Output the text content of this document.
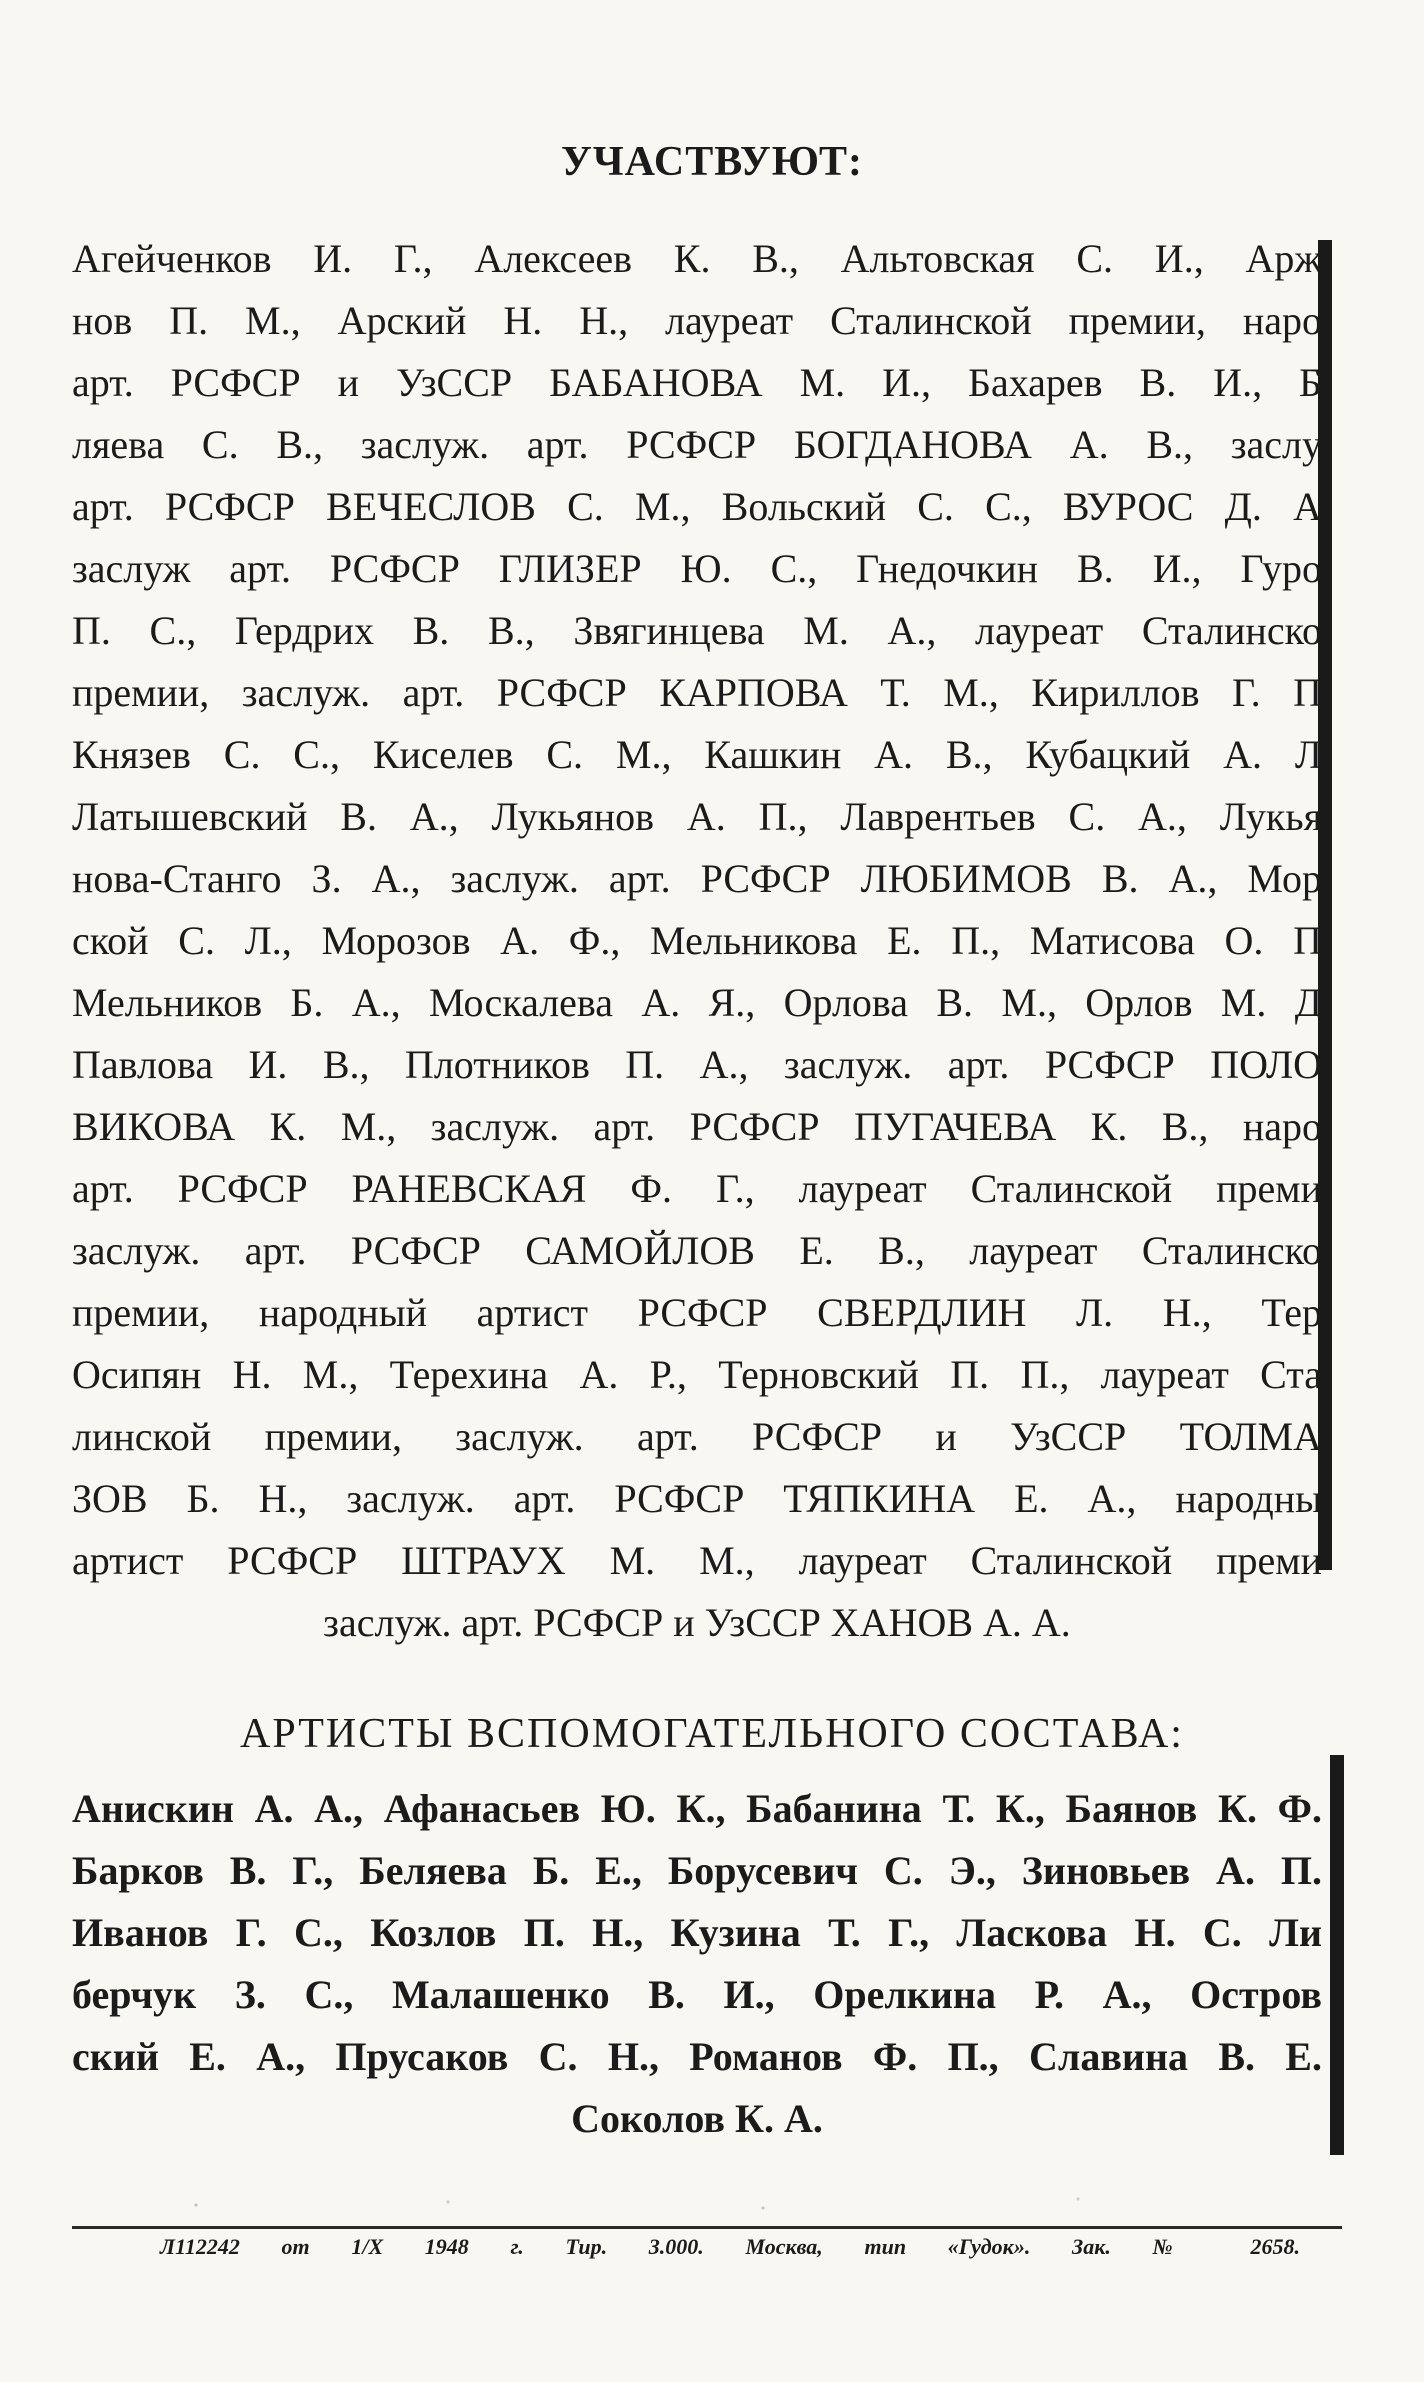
УЧАСТВУЮТ:
Агейченков И. Г., Алексеев К. В., Альтовская С. И., Арж
нов П. М., Арский Н. Н., лауреат Сталинской премии, наро
арт. РСФСР и УзССР БАБАНОВА М. И., Бахарев В. И., Б
ляева С. В., заслуж. арт. РСФСР БОГДАНОВА А. В., заслу
арт. РСФСР ВЕЧЕСЛОВ С. М., Вольский С. С., ВУРОС Д. А
заслуж арт. РСФСР ГЛИЗЕР Ю. С., Гнедочкин В. И., Гуро
П. С., Гердрих В. В., Звягинцева М. А., лауреат Сталинско
премии, заслуж. арт. РСФСР КАРПОВА Т. М., Кириллов Г. П
Князев С. С., Киселев С. М., Кашкин А. В., Кубацкий А. Л
Латышевский В. А., Лукьянов А. П., Лаврентьев С. А., Лукья
нова-Станго З. А., заслуж. арт. РСФСР ЛЮБИМОВ В. А., Мор
ской С. Л., Морозов А. Ф., Мельникова Е. П., Матисова О. П
Мельников Б. А., Москалева А. Я., Орлова В. М., Орлов М. Д
Павлова И. В., Плотников П. А., заслуж. арт. РСФСР ПОЛО
ВИКОВА К. М., заслуж. арт. РСФСР ПУГАЧЕВА К. В., нарo
арт. РСФСР РАНЕВСКАЯ Ф. Г., лауреат Сталинской преми
заслуж. арт. РСФСР САМОЙЛОВ Е. В., лауреат Сталинско
премии, народный артист РСФСР СВЕРДЛИН Л. Н., Тер
Осипян Н. М., Терехина А. Р., Терновский П. П., лауреат Ста
линской премии, заслуж. арт. РСФСР и УзССР ТОЛМА
ЗОВ Б. Н., заслуж. арт. РСФСР ТЯПКИНА Е. А., народны
артист РСФСР ШТРАУХ М. М., лауреат Сталинской преми
заслуж. арт. РСФСР и УзССР ХАНОВ А. А.
АРТИСТЫ ВСПОМОГАТЕЛЬНОГО СОСТАВА:
Анискин А. А., Афанасьев Ю. К., Бабанина Т. К., Баянов К. Ф.
Барков В. Г., Беляева Б. Е., Борусевич С. Э., Зиновьев А. П.
Иванов Г. С., Козлов П. Н., Кузина Т. Г., Ласкова Н. С. Ли
берчук З. С., Малашенко В. И., Орелкина Р. А., Остров
ский Е. А., Прусаков С. Н., Романов Ф. П., Славина В. Е.
Соколов К. А.
Л112242 от 1/X 1948 г. Тир. 3.000. Москва, тип «Гудок». Зак. № 2658.
